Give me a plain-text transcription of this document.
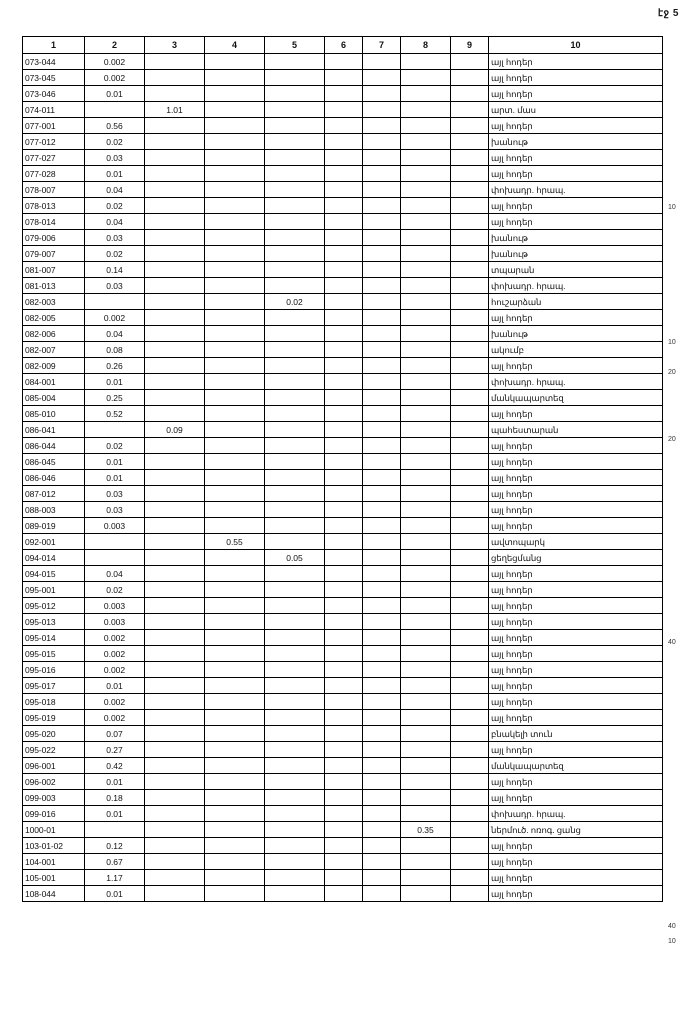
էջ 5
1	2	3	4	5	6	7	8	9	10
073-044	0.002								այլ հոդեր
073-045	0.002								այլ հոդեր
073-046	0.01								այլ հոդեր
074-011		1.01							արտ. մաս
077-001	0.56								այլ հոդեր
077-012	0.02								խանութ
077-027	0.03								այլ հոդեր
077-028	0.01								այլ հոդեր
078-007	0.04								փոխադր. հրապ.
078-013	0.02								այլ հոդեր
078-014	0.04								այլ հոդեր
079-006	0.03								խանութ
079-007	0.02								խանութ
081-007	0.14								տպարան
081-013	0.03								փոխադր. հրապ.
082-003				0.02					հուշարձան
082-005	0.002								այլ հոդեր
082-006	0.04								խանութ
082-007	0.08								ակումբ
082-009	0.26								այլ հոդեր
084-001	0.01								փոխադր. հրապ.
085-004	0.25								մանկապարտեզ
085-010	0.52								այլ հոդեր
086-041		0.09							պահեստարան
086-044	0.02								այլ հոդեր
086-045	0.01								այլ հոդեր
086-046	0.01								այլ հոդեր
087-012	0.03								այլ հոդեր
088-003	0.03								այլ հոդեր
089-019	0.003								այլ հոդեր
092-001			0.55						ավտոպարկ
094-014				0.05					ցեղեցմանց
094-015	0.04								այլ հոդեր
095-001	0.02								այլ հոդեր
095-012	0.003								այլ հոդեր
095-013	0.003								այլ հոդեր
095-014	0.002								այլ հոդեր
095-015	0.002								այլ հոդեր
095-016	0.002								այլ հոդեր
095-017	0.01								այլ հոդեր
095-018	0.002								այլ հոդեր
095-019	0.002								այլ հոդեր
095-020	0.07								բնակելի տուն
095-022	0.27								այլ հոդեր
096-001	0.42								մանկապարտեզ
096-002	0.01								այլ հոդեր
099-003	0.18								այլ հոդեր
099-016	0.01								փոխադր. հրապ.
1000-01							0.35		ներմուծ. ոռոգ. ցանց
103-01-02	0.12								այլ հոդեր
104-001	0.67								այլ հոդեր
105-001	1.17								այլ հոդեր
108-044	0.01								այլ հոդեր
10
10
20
20
40
40
10
